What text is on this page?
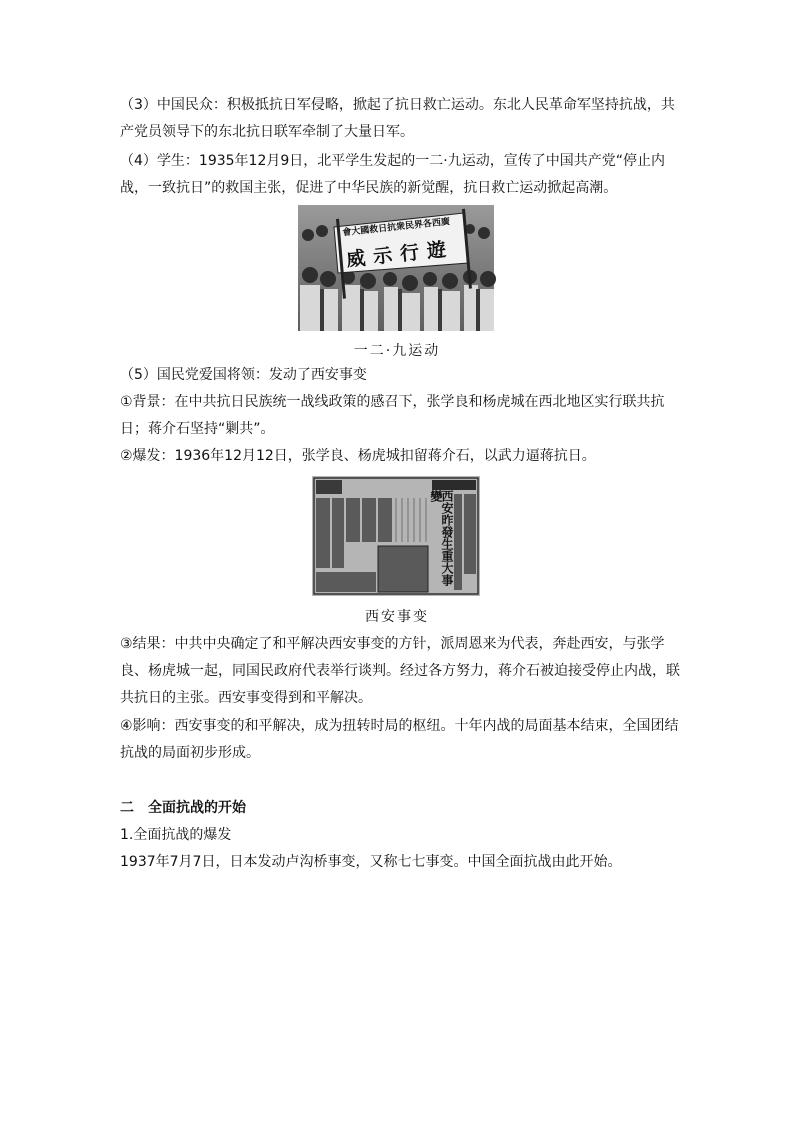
（3）中国民众：积极抵抗日军侵略，掀起了抗日救亡运动。东北人民革命军坚持抗战，共产党员领导下的东北抗日联军牵制了大量日军。

（4）学生：1935年12月9日，北平学生发起的一二·九运动，宣传了中国共产党“停止内战，一致抗日”的救国主张，促进了中华民族的新觉醒，抗日救亡运动掀起高潮。

會大國救日抗衆民界各西廣
威示行遊
一二·九运动

（5）国民党爱国将领：发动了西安事变

①背景：在中共抗日民族统一战线政策的感召下，张学良和杨虎城在西北地区实行联共抗日；蒋介石坚持“剿共”。

②爆发：1936年12月12日，张学良、杨虎城扣留蒋介石，以武力逼蒋抗日。

西安昨發生重大事變
西安事变

③结果：中共中央确定了和平解决西安事变的方针，派周恩来为代表，奔赴西安，与张学良、杨虎城一起，同国民政府代表举行谈判。经过各方努力，蒋介石被迫接受停止内战，联共抗日的主张。西安事变得到和平解决。

④影响：西安事变的和平解决，成为扭转时局的枢纽。十年内战的局面基本结束，全国团结抗战的局面初步形成。

二　全面抗战的开始

1.全面抗战的爆发

1937年7月7日，日本发动卢沟桥事变，又称七七事变。中国全面抗战由此开始。
